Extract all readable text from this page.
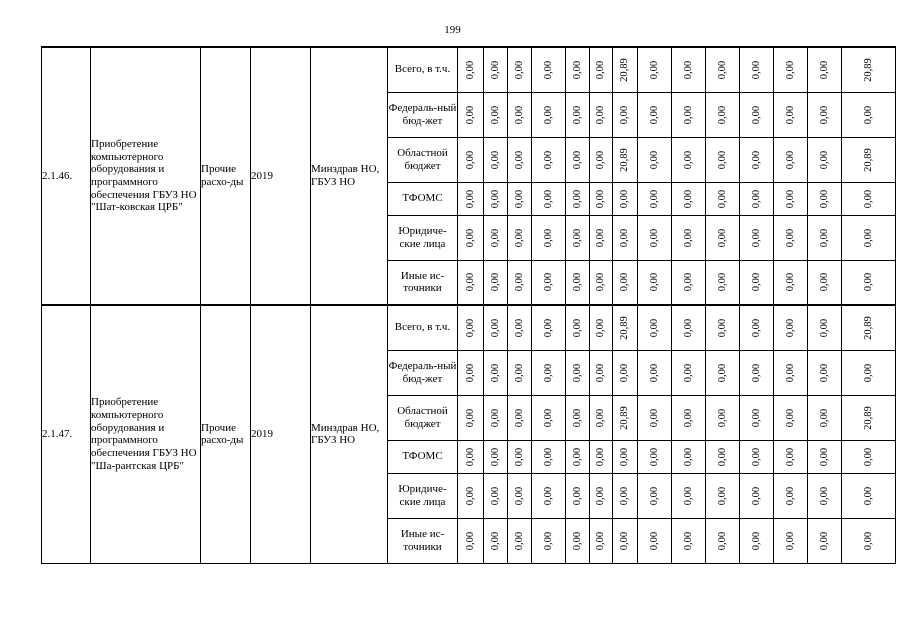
199
2.1.46.	Приобретение компьютерного оборудования и программного обеспечения ГБУЗ НО "Шат-ковская ЦРБ"	Прочие расхо-ды	2019	Минздрав НО, ГБУЗ НО	Всего, в т.ч.	0,00	0,00	0,00	0,00	0,00	0,00	20,89	0,00	0,00	0,00	0,00	0,00	0,00	20,89

					Федераль-ный бюд-жет	0,00	0,00	0,00	0,00	0,00	0,00	0,00	0,00	0,00	0,00	0,00	0,00	0,00	0,00

					Областной бюджет	0,00	0,00	0,00	0,00	0,00	0,00	20,89	0,00	0,00	0,00	0,00	0,00	0,00	20,89

					ТФОМС	0,00	0,00	0,00	0,00	0,00	0,00	0,00	0,00	0,00	0,00	0,00	0,00	0,00	0,00

					Юридиче-ские лица	0,00	0,00	0,00	0,00	0,00	0,00	0,00	0,00	0,00	0,00	0,00	0,00	0,00	0,00

					Иные ис-точники	0,00	0,00	0,00	0,00	0,00	0,00	0,00	0,00	0,00	0,00	0,00	0,00	0,00	0,00

2.1.47.	Приобретение компьютерного оборудования и программного обеспечения ГБУЗ НО "Ша-рантская ЦРБ"	Прочие расхо-ды	2019	Минздрав НО, ГБУЗ НО	Всего, в т.ч.	0,00	0,00	0,00	0,00	0,00	0,00	20,89	0,00	0,00	0,00	0,00	0,00	0,00	20,89

					Федераль-ный бюд-жет	0,00	0,00	0,00	0,00	0,00	0,00	0,00	0,00	0,00	0,00	0,00	0,00	0,00	0,00

					Областной бюджет	0,00	0,00	0,00	0,00	0,00	0,00	20,89	0,00	0,00	0,00	0,00	0,00	0,00	20,89

					ТФОМС	0,00	0,00	0,00	0,00	0,00	0,00	0,00	0,00	0,00	0,00	0,00	0,00	0,00	0,00

					Юридиче-ские лица	0,00	0,00	0,00	0,00	0,00	0,00	0,00	0,00	0,00	0,00	0,00	0,00	0,00	0,00

					Иные ис-точники	0,00	0,00	0,00	0,00	0,00	0,00	0,00	0,00	0,00	0,00	0,00	0,00	0,00	0,00
